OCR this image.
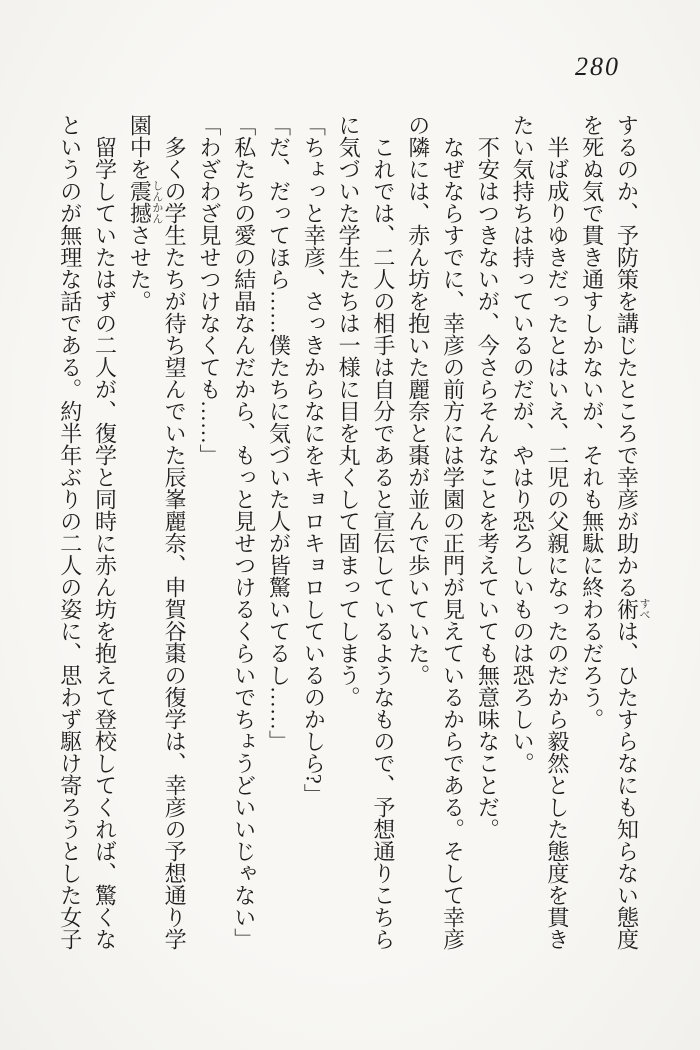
280

するのか、予防策を講じたところで幸彦が助かる術すべは、ひたすらなにも知らない態度を死ぬ気で貫き通すしかないが、それも無駄に終わるだろう。

半ば成りゆきだったとはいえ、二児の父親になったのだから毅然とした態度を貫きたい気持ちは持っているのだが、やはり恐ろしいものは恐ろしい。

不安はつきないが、今さらそんなことを考えていても無意味なことだ。

なぜならすでに、幸彦の前方には学園の正門が見えているからである。そして幸彦の隣には、赤ん坊を抱いた麗奈と棗が並んで歩いていた。

これでは、二人の相手は自分であると宣伝しているようなもので、予想通りこちらに気づいた学生たちは一様に目を丸くして固まってしまう。

「ちょっと幸彦、さっきからなにをキョロキョロしているのかしら?」

「だ、だってほら……僕たちに気づいた人が皆驚いてるし……」

「私たちの愛の結晶なんだから、もっと見せつけるくらいでちょうどいいじゃない」

「わざわざ見せつけなくても……」

多くの学生たちが待ち望んでいた辰峯麗奈、申賀谷棗の復学は、幸彦の予想通り学園中を震撼しんかんさせた。

留学していたはずの二人が、復学と同時に赤ん坊を抱えて登校してくれば、驚くなというのが無理な話である。約半年ぶりの二人の姿に、思わず駆け寄ろうとした女子
